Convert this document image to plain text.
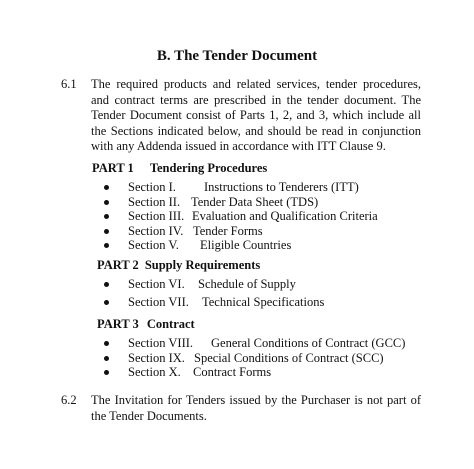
B. The Tender Document
6.1 The required products and related services, tender procedures, and contract terms are prescribed in the tender document. The Tender Document consist of Parts 1, 2, and 3, which include all the Sections indicated below, and should be read in conjunction with any Addenda issued in accordance with ITT Clause 9.
PART 1 Tendering Procedures
Section I. Instructions to Tenderers (ITT)
Section II. Tender Data Sheet (TDS)
Section III. Evaluation and Qualification Criteria
Section IV. Tender Forms
Section V. Eligible Countries
PART 2 Supply Requirements
Section VI. Schedule of Supply
Section VII. Technical Specifications
PART 3 Contract
Section VIII. General Conditions of Contract (GCC)
Section IX. Special Conditions of Contract (SCC)
Section X. Contract Forms
6.2 The Invitation for Tenders issued by the Purchaser is not part of the Tender Documents.
